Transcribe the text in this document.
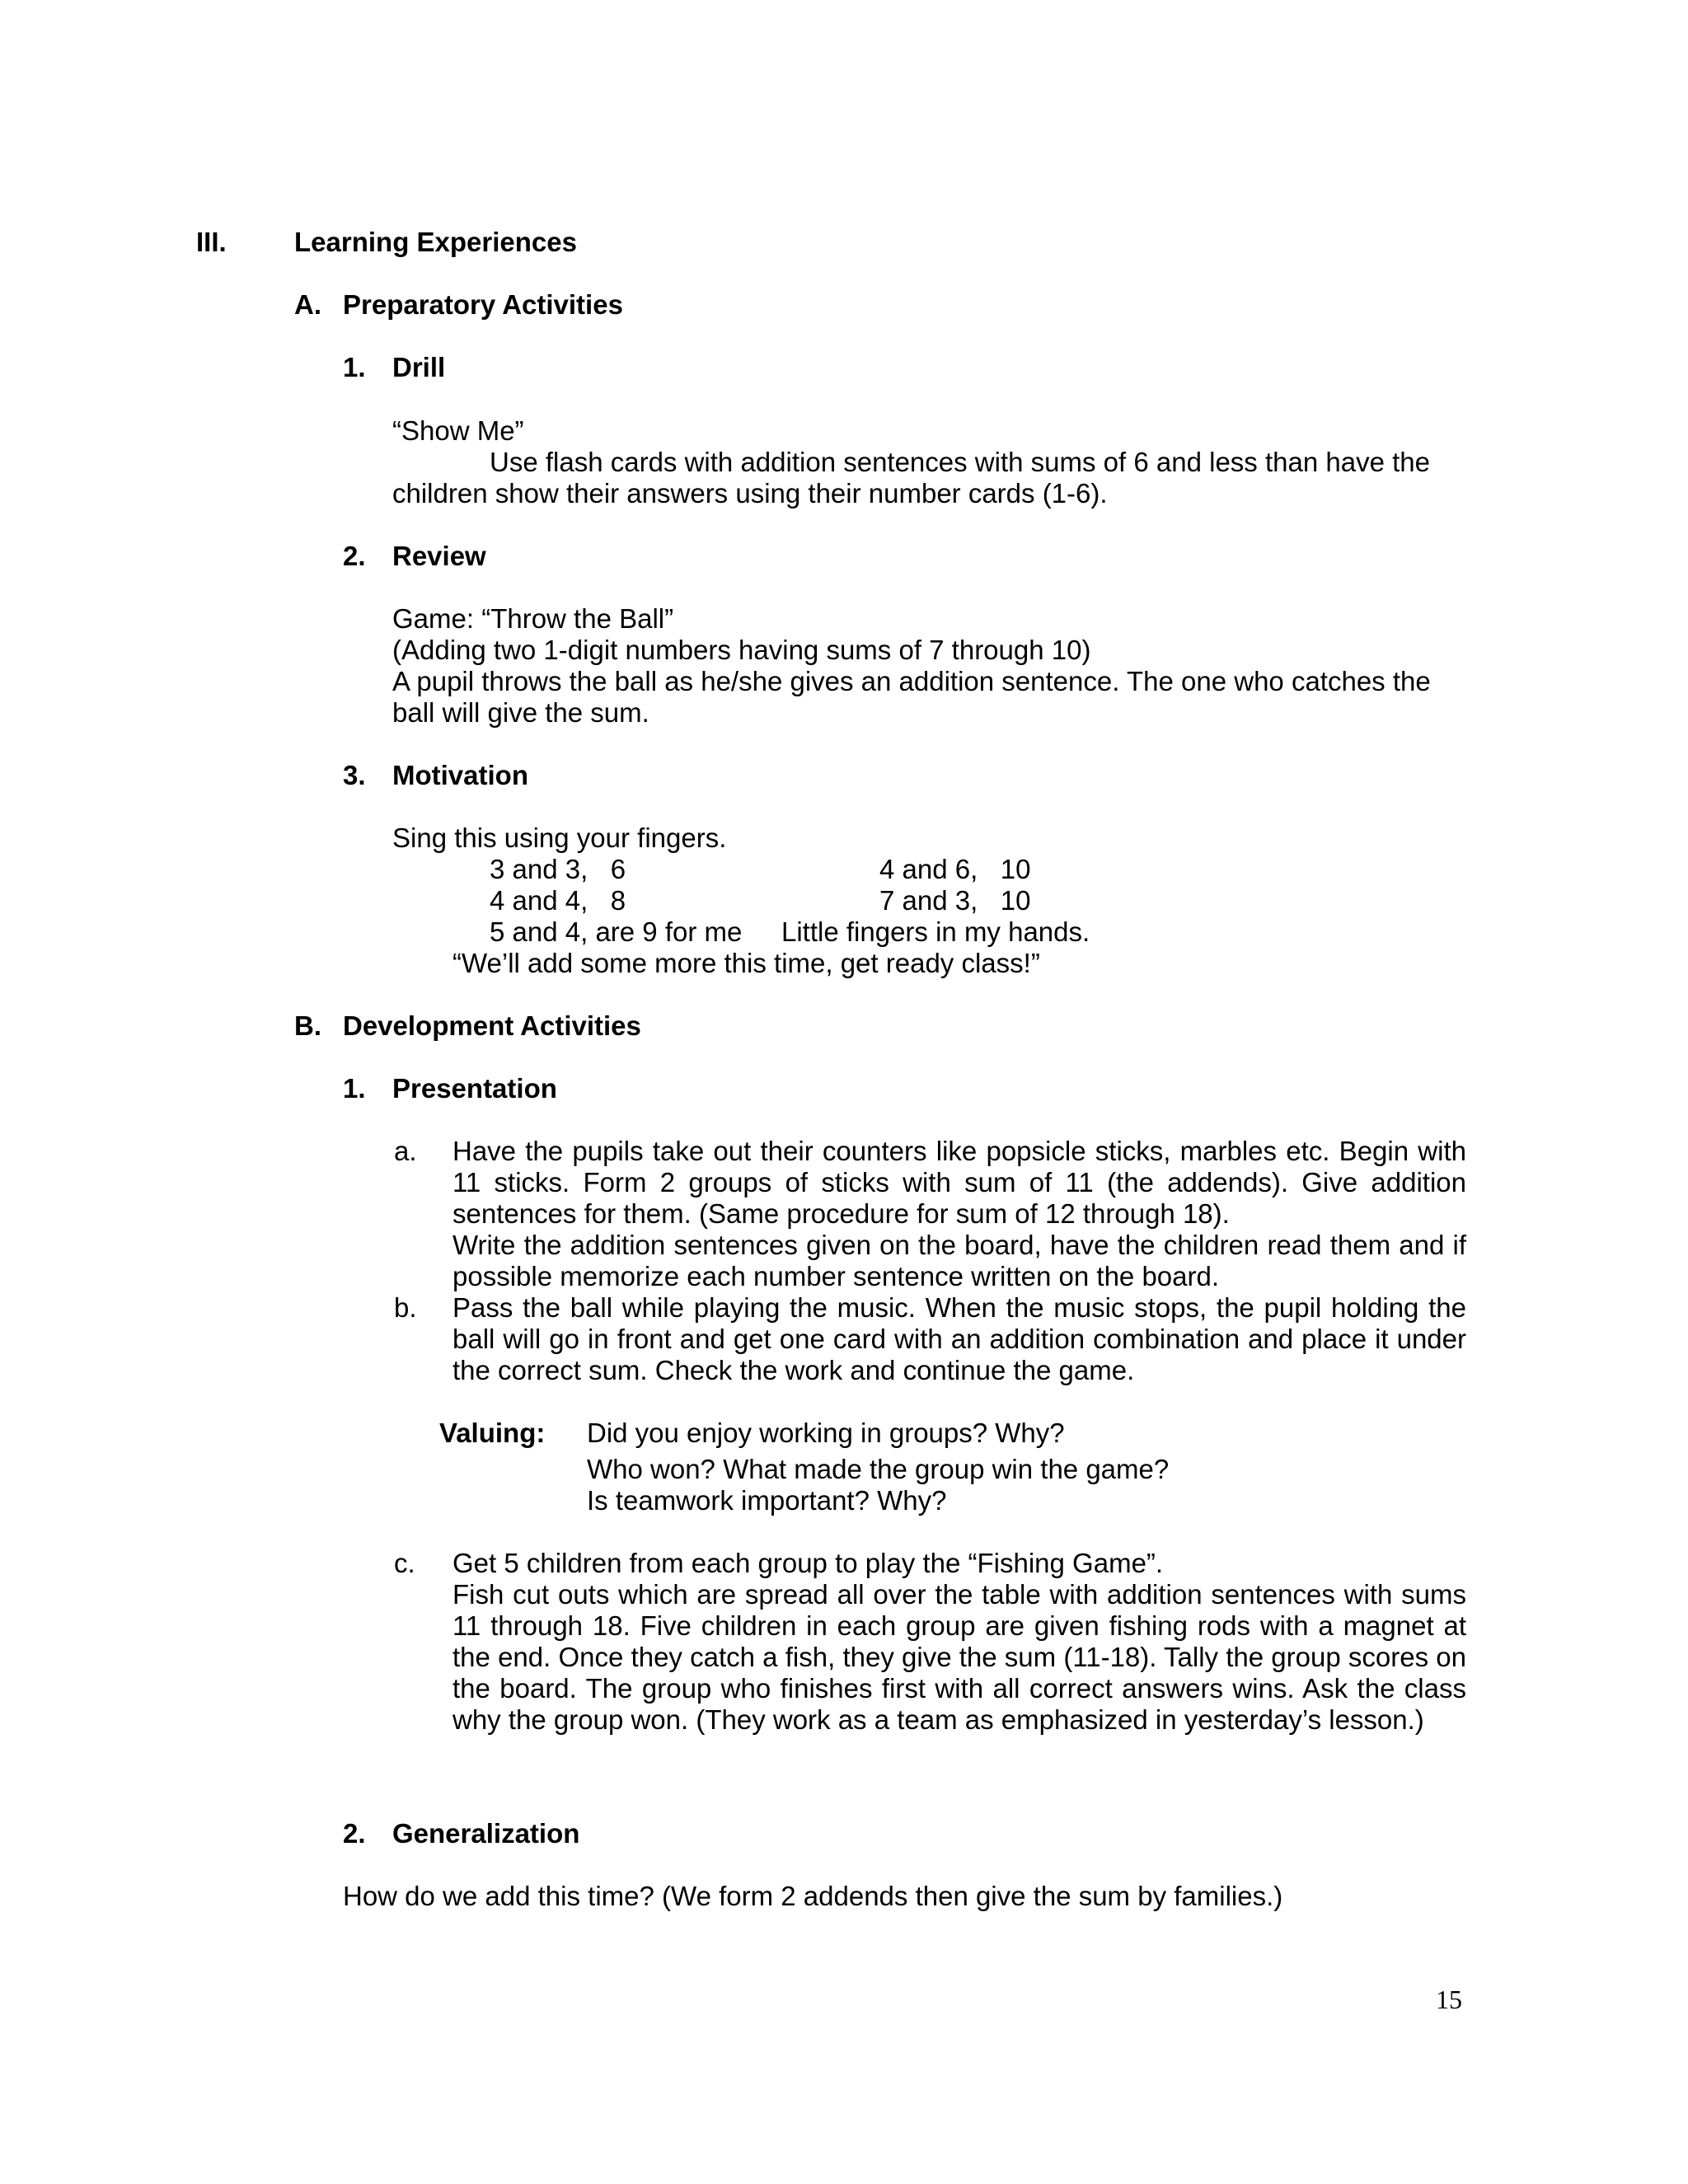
III. Learning Experiences
A. Preparatory Activities
1. Drill
“Show Me”
Use flash cards with addition sentences with sums of 6 and less than have the
children show their answers using their number cards (1-6).
2. Review
Game: “Throw the Ball”
(Adding two 1-digit numbers having sums of 7 through 10)
A pupil throws the ball as he/she gives an addition sentence. The one who catches the
ball will give the sum.
3. Motivation
Sing this using your fingers.
3 and 3,   6	4 and 6,   10
4 and 4,   8	7 and 3,   10
5 and 4, are 9 for me Little fingers in my hands.
“We’ll add some more this time, get ready class!”
B. Development Activities
1. Presentation
a. Have the pupils take out their counters like popsicle sticks, marbles etc. Begin with 11 sticks. Form 2 groups of sticks with sum of 11 (the addends). Give addition sentences for them. (Same procedure for sum of 12 through 18).
Write the addition sentences given on the board, have the children read them and if possible memorize each number sentence written on the board.
b. Pass the ball while playing the music. When the music stops, the pupil holding the ball will go in front and get one card with an addition combination and place it under the correct sum. Check the work and continue the game.
Valuing: Did you enjoy working in groups? Why?
Who won? What made the group win the game?
Is teamwork important? Why?
c. Get 5 children from each group to play the “Fishing Game”.
Fish cut outs which are spread all over the table with addition sentences with sums 11 through 18. Five children in each group are given fishing rods with a magnet at the end. Once they catch a fish, they give the sum (11-18). Tally the group scores on the board. The group who finishes first with all correct answers wins. Ask the class why the group won. (They work as a team as emphasized in yesterday’s lesson.)
2. Generalization
How do we add this time? (We form 2 addends then give the sum by families.)
15
